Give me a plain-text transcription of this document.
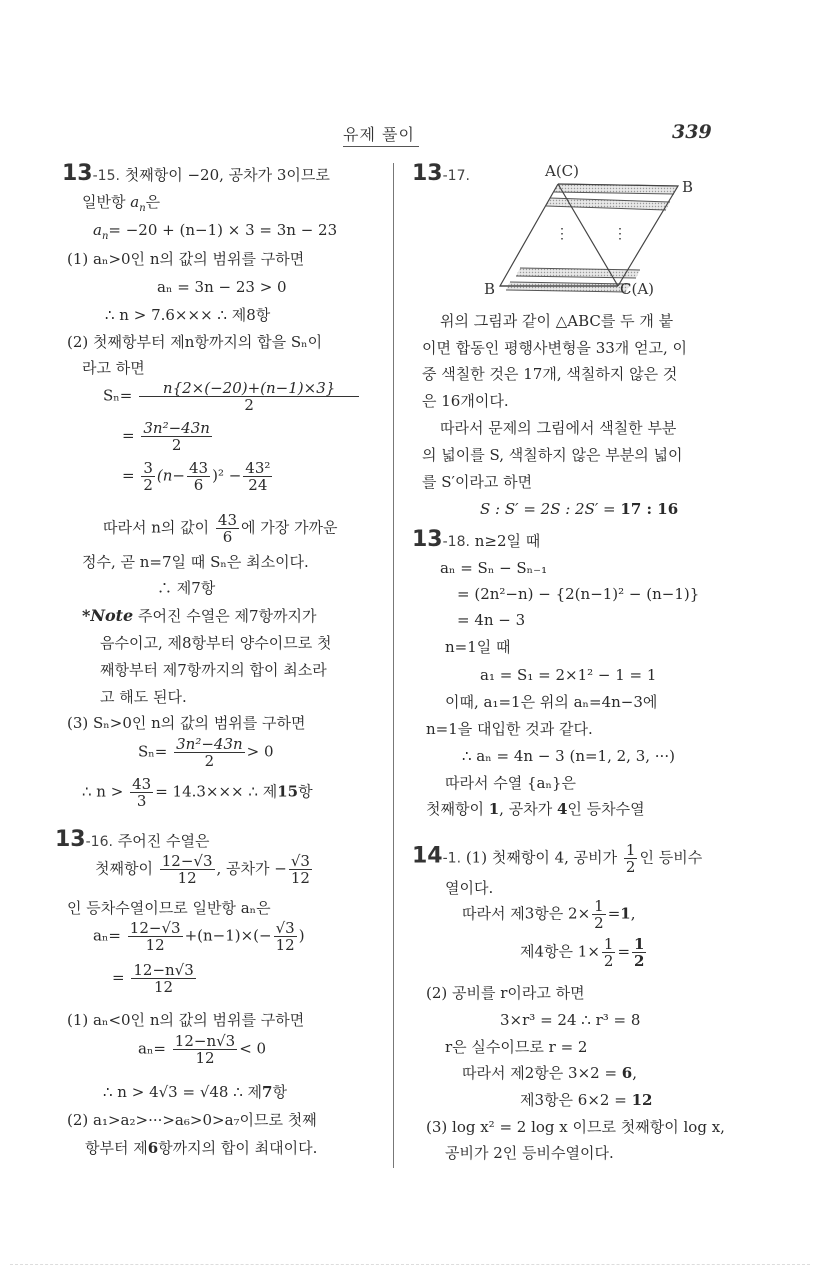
유제 풀이	339
13-15. 첫째항이 −20, 공차가 3이므로
일반항 $a_n$은
$a_n= -20 + (n-1) \times 3 = 3n - 23$
(1) aₙ>0인 n의 값의 범위를 구하면
aₙ = 3n − 23 > 0
∴ n > 7.6××× ∴ 제8항
(2) 첫째항부터 제n항까지의 합을 Sₙ이
라고 하면
$S_n= \frac{n\{2\times(-20)+(n-1)\times 3\}}{2}$
= $\frac{\text{3n²−43n}}{2}$
= $\frac{3}{2} (n- \frac{43}{6} )^2 - \frac{\text{43²}}{24}$
따라서 n의 값이 $\frac{43}{6}$ 에 가장 가까운
정수, 곧 n=7일 때 Sₙ은 최소이다.
∴ 제7항
*Note 주어진 수열은 제7항까지가
음수이고, 제8항부터 양수이므로 첫
째항부터 제7항까지의 합이 최소라
고 해도 된다.
(3) Sₙ>0인 n의 값의 범위를 구하면
$S_n= \frac{\text{3n²−43n}}{2} > 0$
∴ $n > \frac{43}{3} = 14.3\times\times\times$ ∴ 제15항
13-16. 주어진 수열은
첫째항이 $\frac{12-√3}{12}$ , 공차가 − $\frac{√3}{12}$
인 등차수열이므로 일반항 aₙ은
$a_n= \frac{12-√3}{12} +(n-1)\times(- \frac{√3}{12}$ )
= $\frac{12-n√3}{12}$
(1) aₙ<0인 n의 값의 범위를 구하면
$a_n= \frac{12-n√3}{12} < 0$
∴ n > 4√3 = √48 ∴ 제7항
(2) a₁>a₂>···>a₆>0>a₇이므로 첫째
항부터 제6항까지의 합이 최대이다.
13-17.	A(C)
B
B	C(A)
⋮	⋮
위의 그림과 같이 △ABC를 두 개 붙
이면 합동인 평행사변형을 33개 얻고, 이
중 색칠한 것은 17개, 색칠하지 않은 것
은 16개이다.
따라서 문제의 그림에서 색칠한 부분
의 넓이를 S, 색칠하지 않은 부분의 넓이
를 S′이라고 하면
S : S′ = 2S : 2S′ = 17 : 16
13-18. n≥2일 때
aₙ = Sₙ − Sₙ₋₁
= (2n²−n) − {2(n−1)² − (n−1)}
= 4n − 3
n=1일 때
a₁ = S₁ = 2×1² − 1 = 1
이때, a₁=1은 위의 aₙ=4n−3에
n=1을 대입한 것과 같다.
∴ aₙ = 4n − 3 (n=1, 2, 3, ···)
따라서 수열 {aₙ}은
첫째항이 1, 공차가 4인 등차수열
14-1. (1) 첫째항이 4, 공비가 $\frac{1}{2}$ 인 등비수
열이다.
따라서 제3항은 $2\times \frac{1}{2} =1$,
제4항은 $1\times \frac{1}{2} = \frac{1}{2}$
(2) 공비를 r이라고 하면
3×r³ = 24 ∴ r³ = 8
r은 실수이므로 r = 2
따라서 제2항은 3×2 = 6,
제3항은 6×2 = 12
(3) log x² = 2 log x 이므로 첫째항이 log x,
공비가 2인 등비수열이다.
